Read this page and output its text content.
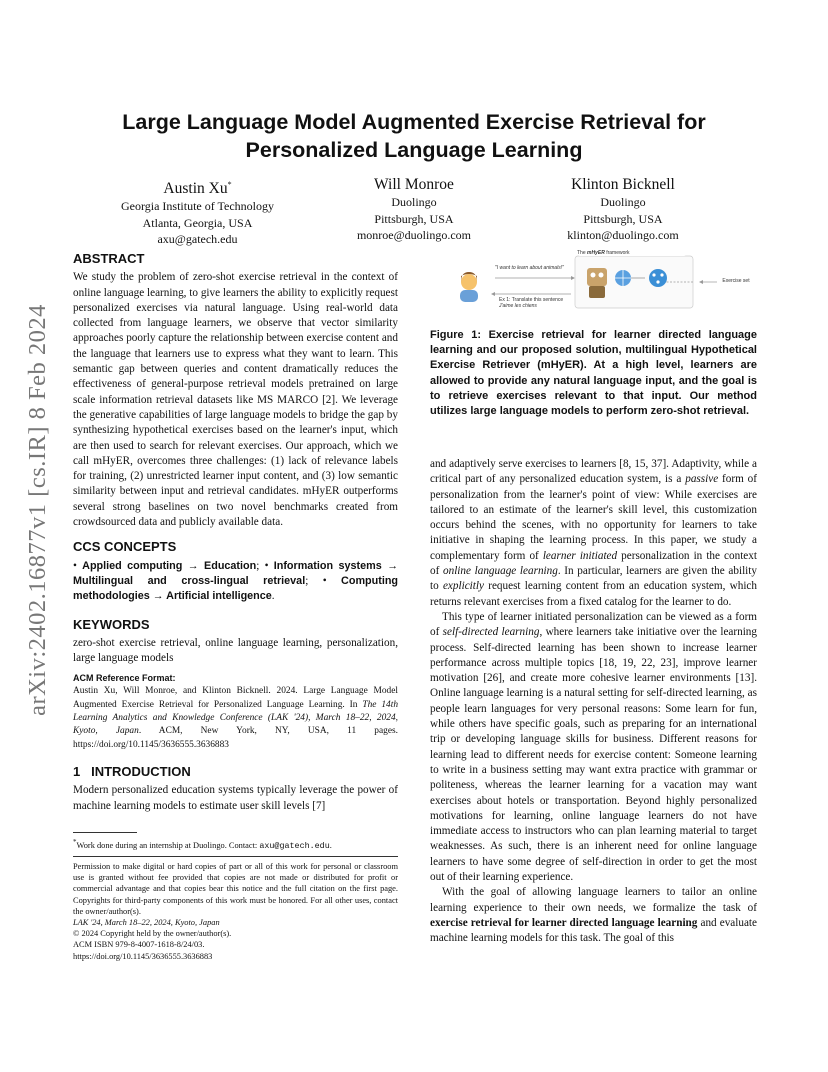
Large Language Model Augmented Exercise Retrieval for
Personalized Language Learning
Austin Xu*
Georgia Institute of Technology
Atlanta, Georgia, USA
axu@gatech.edu
Will Monroe
Duolingo
Pittsburgh, USA
monroe@duolingo.com
Klinton Bicknell
Duolingo
Pittsburgh, USA
klinton@duolingo.com
arXiv:2402.16877v1 [cs.IR] 8 Feb 2024

ABSTRACT

We study the problem of zero-shot exercise retrieval in the context of online language learning, to give learners the ability to explicitly request personalized exercises via natural language. Using real-world data collected from language learners, we observe that vector similarity approaches poorly capture the relationship between exercise content and the language that learners use to express what they want to learn. This semantic gap between queries and content dramatically reduces the effectiveness of general-purpose retrieval models pretrained on large scale information retrieval datasets like MS MARCO [2]. We leverage the generative capabilities of large language models to bridge the gap by synthesizing hypothetical exercises based on the learner's input, which are then used to search for relevant exercises. Our approach, which we call mHyER, overcomes three challenges: (1) lack of relevance labels for training, (2) unrestricted learner input content, and (3) low semantic similarity between input and retrieval candidates. mHyER outperforms several strong baselines on two novel benchmarks created from crowdsourced data and publicly available data.

CCS CONCEPTS

• Applied computing → Education; • Information systems → Multilingual and cross-lingual retrieval; • Computing methodologies → Artificial intelligence.

KEYWORDS

zero-shot exercise retrieval, online language learning, personalization, large language models

ACM Reference Format:

Austin Xu, Will Monroe, and Klinton Bicknell. 2024. Large Language Model Augmented Exercise Retrieval for Personalized Language Learning. In The 14th Learning Analytics and Knowledge Conference (LAK '24), March 18–22, 2024, Kyoto, Japan. ACM, New York, NY, USA, 11 pages. https://doi.org/10.1145/3636555.3636883

1 INTRODUCTION

Modern personalized education systems typically leverage the power of machine learning models to estimate user skill levels [7]

*Work done during an internship at Duolingo. Contact: axu@gatech.edu.
Permission to make digital or hard copies of part or all of this work for personal or classroom use is granted without fee provided that copies are not made or distributed for profit or commercial advantage and that copies bear this notice and the full citation on the first page. Copyrights for third-party components of this work must be honored. For all other uses, contact the owner/author(s).
LAK '24, March 18–22, 2024, Kyoto, Japan
© 2024 Copyright held by the owner/author(s).
ACM ISBN 979-8-4007-1618-8/24/03.
https://doi.org/10.1145/3636555.3636883
"I want to learn about animals!"
The mHyER framework
Ex 1: Translate this sentence
J'aime les chiens
Exercise set
Figure 1: Exercise retrieval for learner directed language learning and our proposed solution, multilingual Hypothetical Exercise Retriever (mHyER). At a high level, learners are allowed to provide any natural language input, and the goal is to retrieve exercises relevant to that input. Our method utilizes large language models to perform zero-shot retrieval.

and adaptively serve exercises to learners [8, 15, 37]. Adaptivity, while a critical part of any personalized education system, is a passive form of personalization from the learner's point of view: While exercises are tailored to an estimate of the learner's skill level, this customization occurs behind the scenes, with no opportunity for learners to take initiative in shaping the learning process. In this paper, we study a complementary form of learner initiated personalization in the context of online language learning. In particular, learners are given the ability to explicitly request learning content from an education system, which returns relevant exercises from a fixed catalog for the learner to do.

This type of learner initiated personalization can be viewed as a form of self-directed learning, where learners take initiative over the learning process. Self-directed learning has been shown to increase learner performance across multiple topics [18, 19, 22, 23], improve learner motivation [26], and create more cohesive learner environments [13]. Online language learning is a natural setting for self-directed learning, as people learn languages for very personal reasons: Some learn for fun, while others have specific goals, such as preparing for an international trip or developing language skills for business. Different reasons for learning lead to different needs for exercise content: Someone learning to write in a business setting may want extra practice with grammar or politeness, whereas the learner learning for a vacation may want exercises about hotels or transportation. Beyond highly personalized motivations for learning, online language learners do not have immediate access to instructors who can plan learning material to target weaknesses. As such, there is an inherent need for online language learners to have some degree of self-direction in order to get the most out of their learning experience.

With the goal of allowing language learners to tailor an online learning experience to their own needs, we formalize the task of exercise retrieval for learner directed language learning and evaluate machine learning models for this task. The goal of this
